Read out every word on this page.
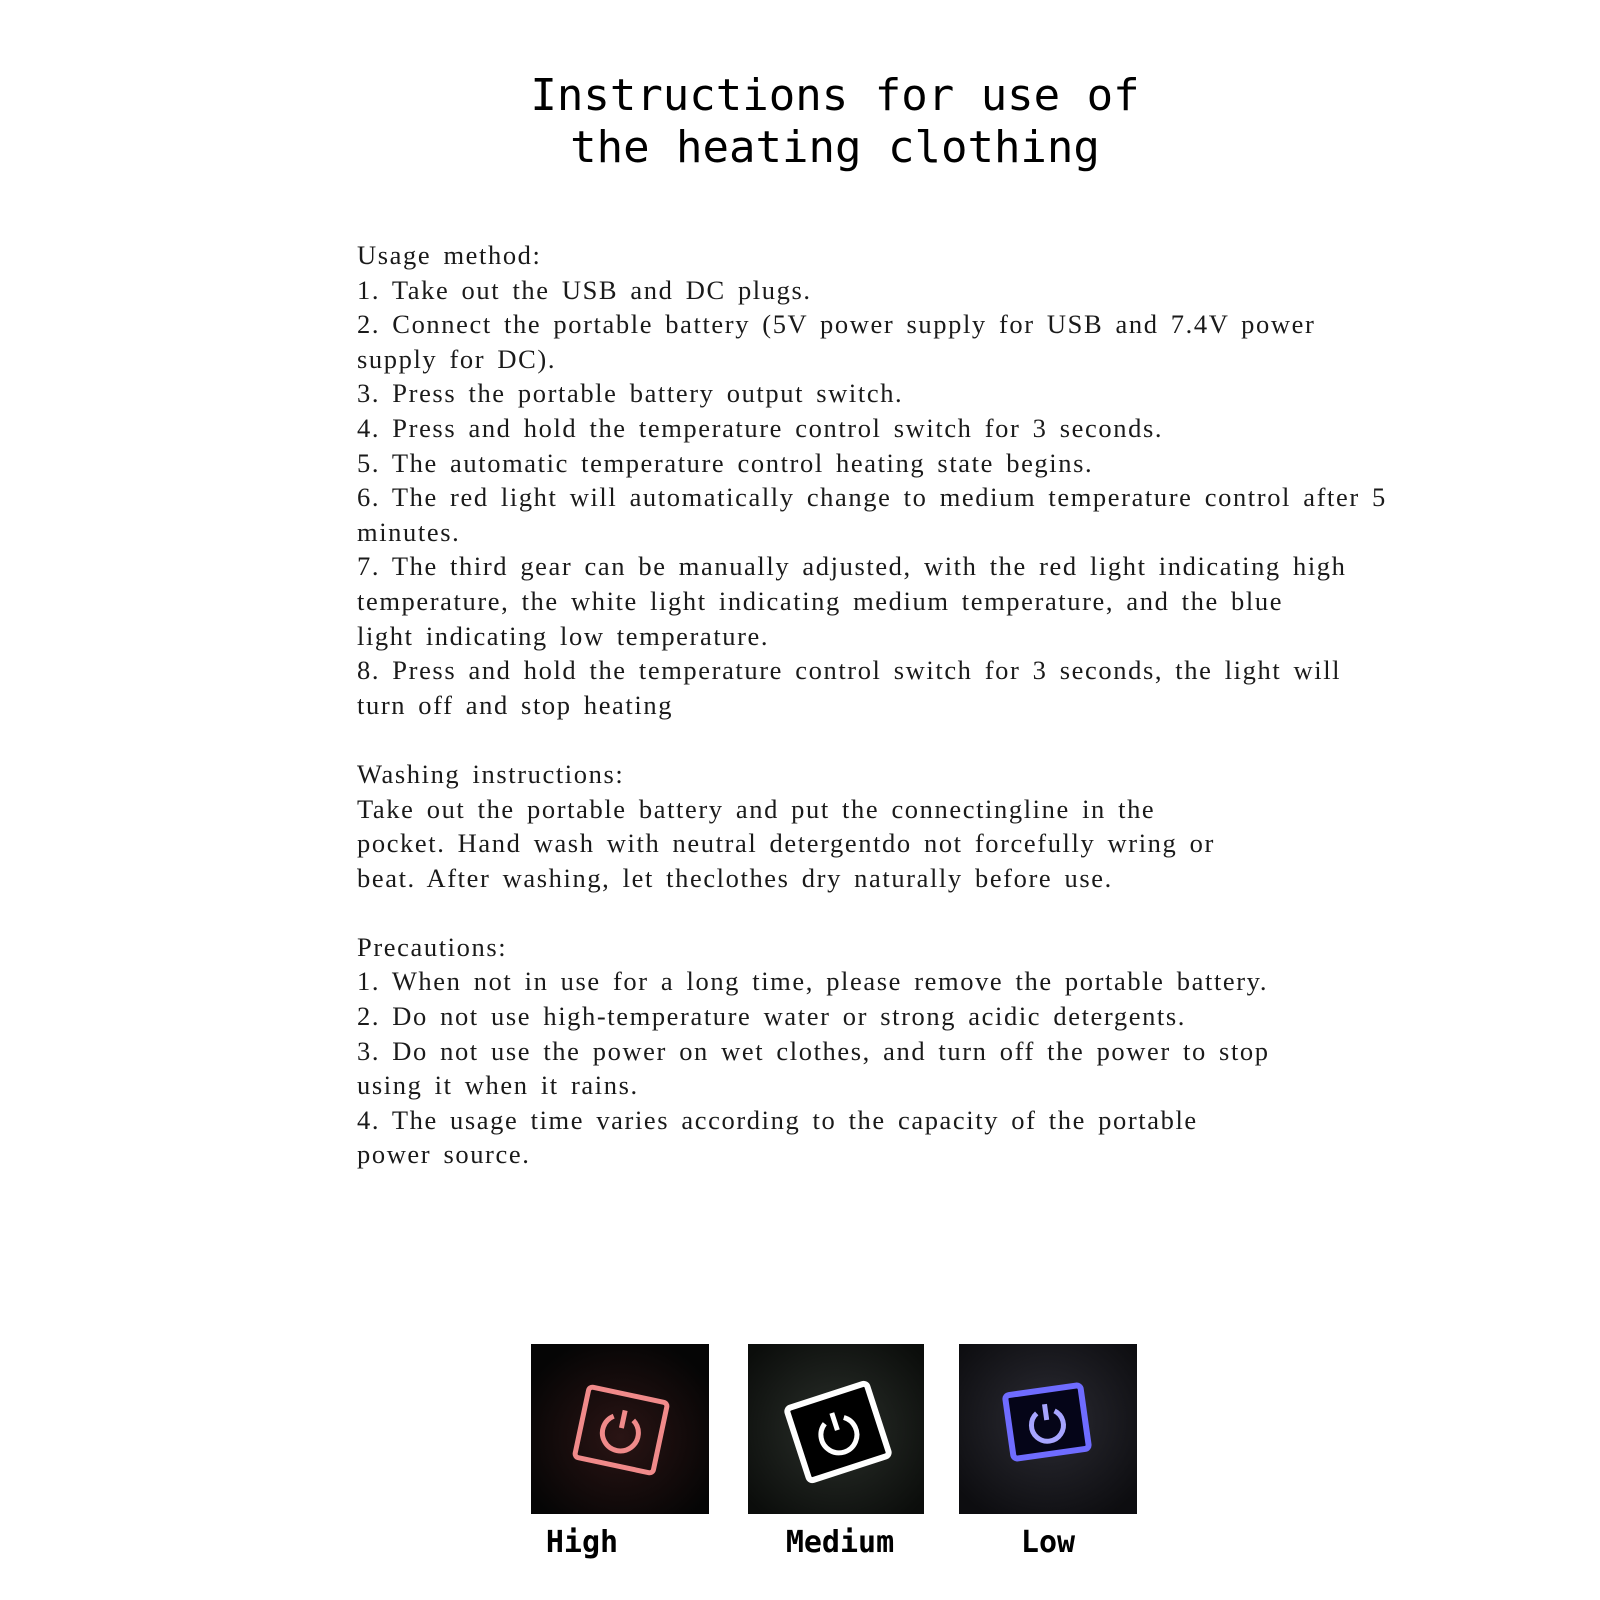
Instructions for use of
the heating clothing

Usage method:

1. Take out the USB and DC plugs.

2. Connect the portable battery (5V power supply for USB and 7.4V power supply for DC).

3. Press the portable battery output switch.

4. Press and hold the temperature control switch for 3 seconds.

5. The automatic temperature control heating state begins.

6. The red light will automatically change to medium temperature control after 5 minutes.

7. The third gear can be manually adjusted, with the red light indicating high temperature, the white light indicating medium temperature, and the blue light indicating low temperature.

8. Press and hold the temperature control switch for 3 seconds, the light will turn off and stop heating

Washing instructions:

Take out the portable battery and put the connectingline in the pocket. Hand wash with neutral detergentdo not forcefully wring or beat. After washing, let theclothes dry naturally before use.

Precautions:

1. When not in use for a long time, please remove the portable battery.

2. Do not use high-temperature water or strong acidic detergents.

3. Do not use the power on wet clothes, and turn off the power to stop using it when it rains.

4. The usage time varies according to the capacity of the portable power source.

High	Medium	Low
